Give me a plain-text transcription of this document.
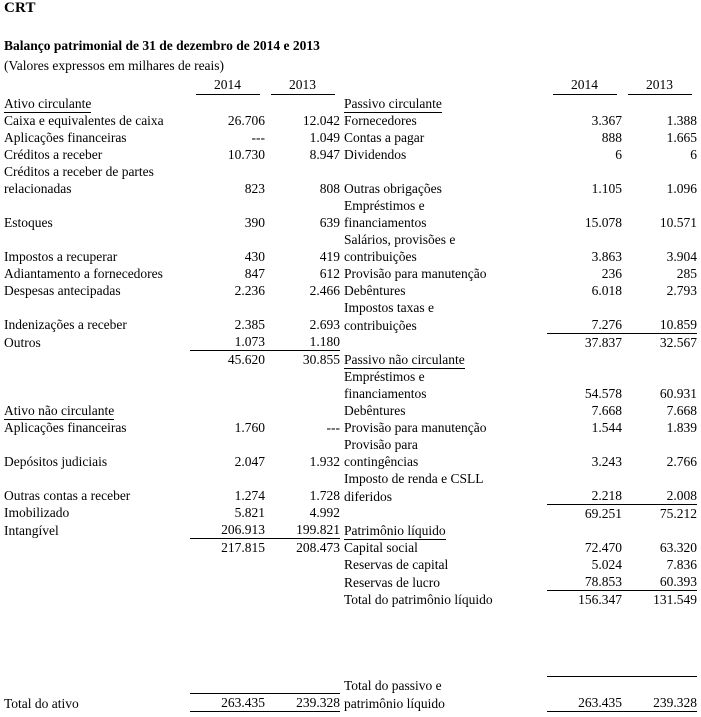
CRT
Balanço patrimonial de 31 de dezembro de 2014 e 2013
(Valores expressos em milhares de reais)
	2014	2013
Ativo circulante		
Caixa e equivalentes de caixa	26.706	12.042
Aplicações financeiras	---	1.049
Créditos a receber	10.730	8.947
Créditos a receber de partes		
relacionadas	823	808

Estoques	390	639

Impostos a recuperar	430	419
Adiantamento a fornecedores	847	612
Despesas antecipadas	2.236	2.466

Indenizações a receber	2.385	2.693
Outros	1.073	1.180
	45.620	30.855

Ativo não circulante		
Aplicações financeiras	1.760	---

Depósitos judiciais	2.047	1.932

Outras contas a receber	1.274	1.728
Imobilizado	5.821	4.992
Intangível	206.913	199.821
	217.815	208.473

Total do ativo	263.435	239.328
	2014	2013
Passivo circulante		
Fornecedores	3.367	1.388
Contas a pagar	888	1.665
Dividendos	6	6

Outras obrigações	1.105	1.096
Empréstimos e		
financiamentos	15.078	10.571
Salários, provisões e		
contribuições	3.863	3.904
Provisão para manutenção	236	285
Debêntures	6.018	2.793
Impostos taxas e		
contribuições	7.276	10.859
	37.837	32.567
Passivo não circulante		
Empréstimos e		
financiamentos	54.578	60.931
Debêntures	7.668	7.668
Provisão para manutenção	1.544	1.839
Provisão para		
contingências	3.243	2.766
Imposto de renda e CSLL		
diferidos	2.218	2.008
	69.251	75.212
Patrimônio líquido		
Capital social	72.470	63.320
Reservas de capital	5.024	7.836
Reservas de lucro	78.853	60.393
Total do patrimônio líquido	156.347	131.549

Total do passivo e		
patrimônio líquido	263.435	239.328
